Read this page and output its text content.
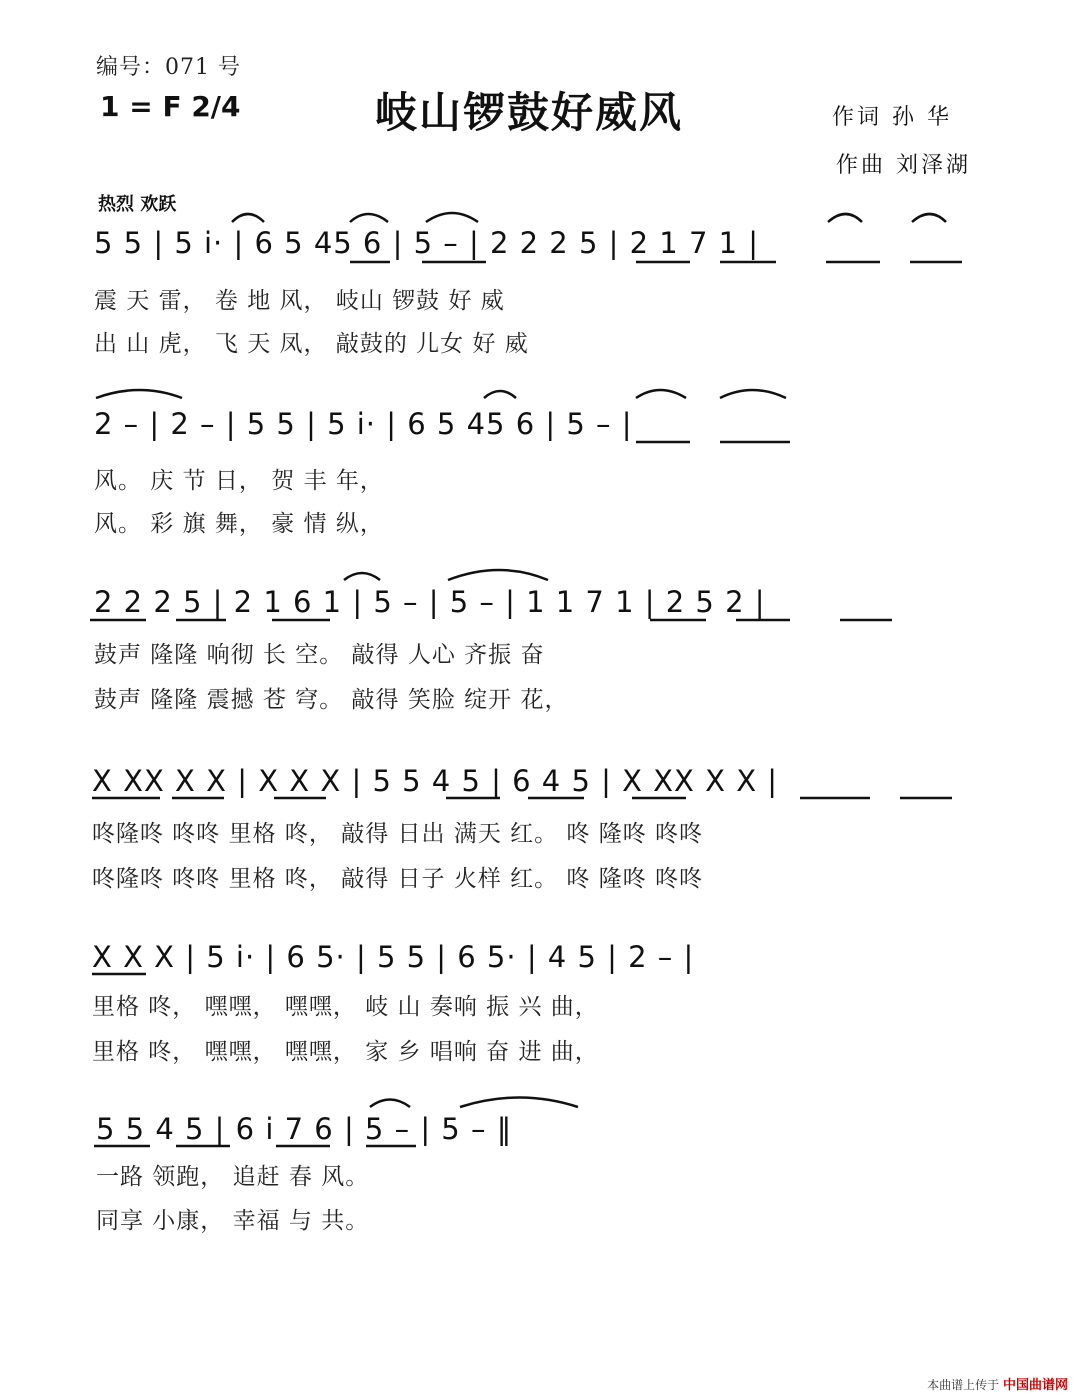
编号：071 号
1 = F 2/4	岐山锣鼓好威风	作词 孙 华
作曲 刘泽湖
热烈 欢跃
5 5 | 5 i· | 6 5 45 6 | 5 – | 2 2 2 5 | 2 1 7 1 |
震 天 雷， 卷 地 风， 岐山 锣鼓 好 威
出 山 虎， 飞 天 凤， 敲鼓的 儿女 好 威
2 – | 2 – | 5 5 | 5 i· | 6 5 45 6 | 5 – |
风。 庆 节 日， 贺 丰 年，
风。 彩 旗 舞， 豪 情 纵，
2 2 2 5 | 2 1 6 1 | 5 – | 5 – | 1 1 7 1 | 2 5 2 |
鼓声 隆隆 响彻 长 空。 敲得 人心 齐振 奋
鼓声 隆隆 震撼 苍 穹。 敲得 笑脸 绽开 花，
X XX X X | X X X | 5 5 4 5 | 6 4 5 | X XX X X |
咚隆咚 咚咚 里格 咚， 敲得 日出 满天 红。 咚 隆咚 咚咚
咚隆咚 咚咚 里格 咚， 敲得 日子 火样 红。 咚 隆咚 咚咚
X X X | 5 i· | 6 5· | 5 5 | 6 5· | 4 5 | 2 – |
里格 咚， 嘿嘿， 嘿嘿， 岐 山 奏响 振 兴 曲，
里格 咚， 嘿嘿， 嘿嘿， 家 乡 唱响 奋 进 曲，
5 5 4 5 | 6 i 7 6 | 5 – | 5 – ‖
一路 领跑， 追赶 春 风。
同享 小康， 幸福 与 共。
本曲谱上传于 中国曲谱网
